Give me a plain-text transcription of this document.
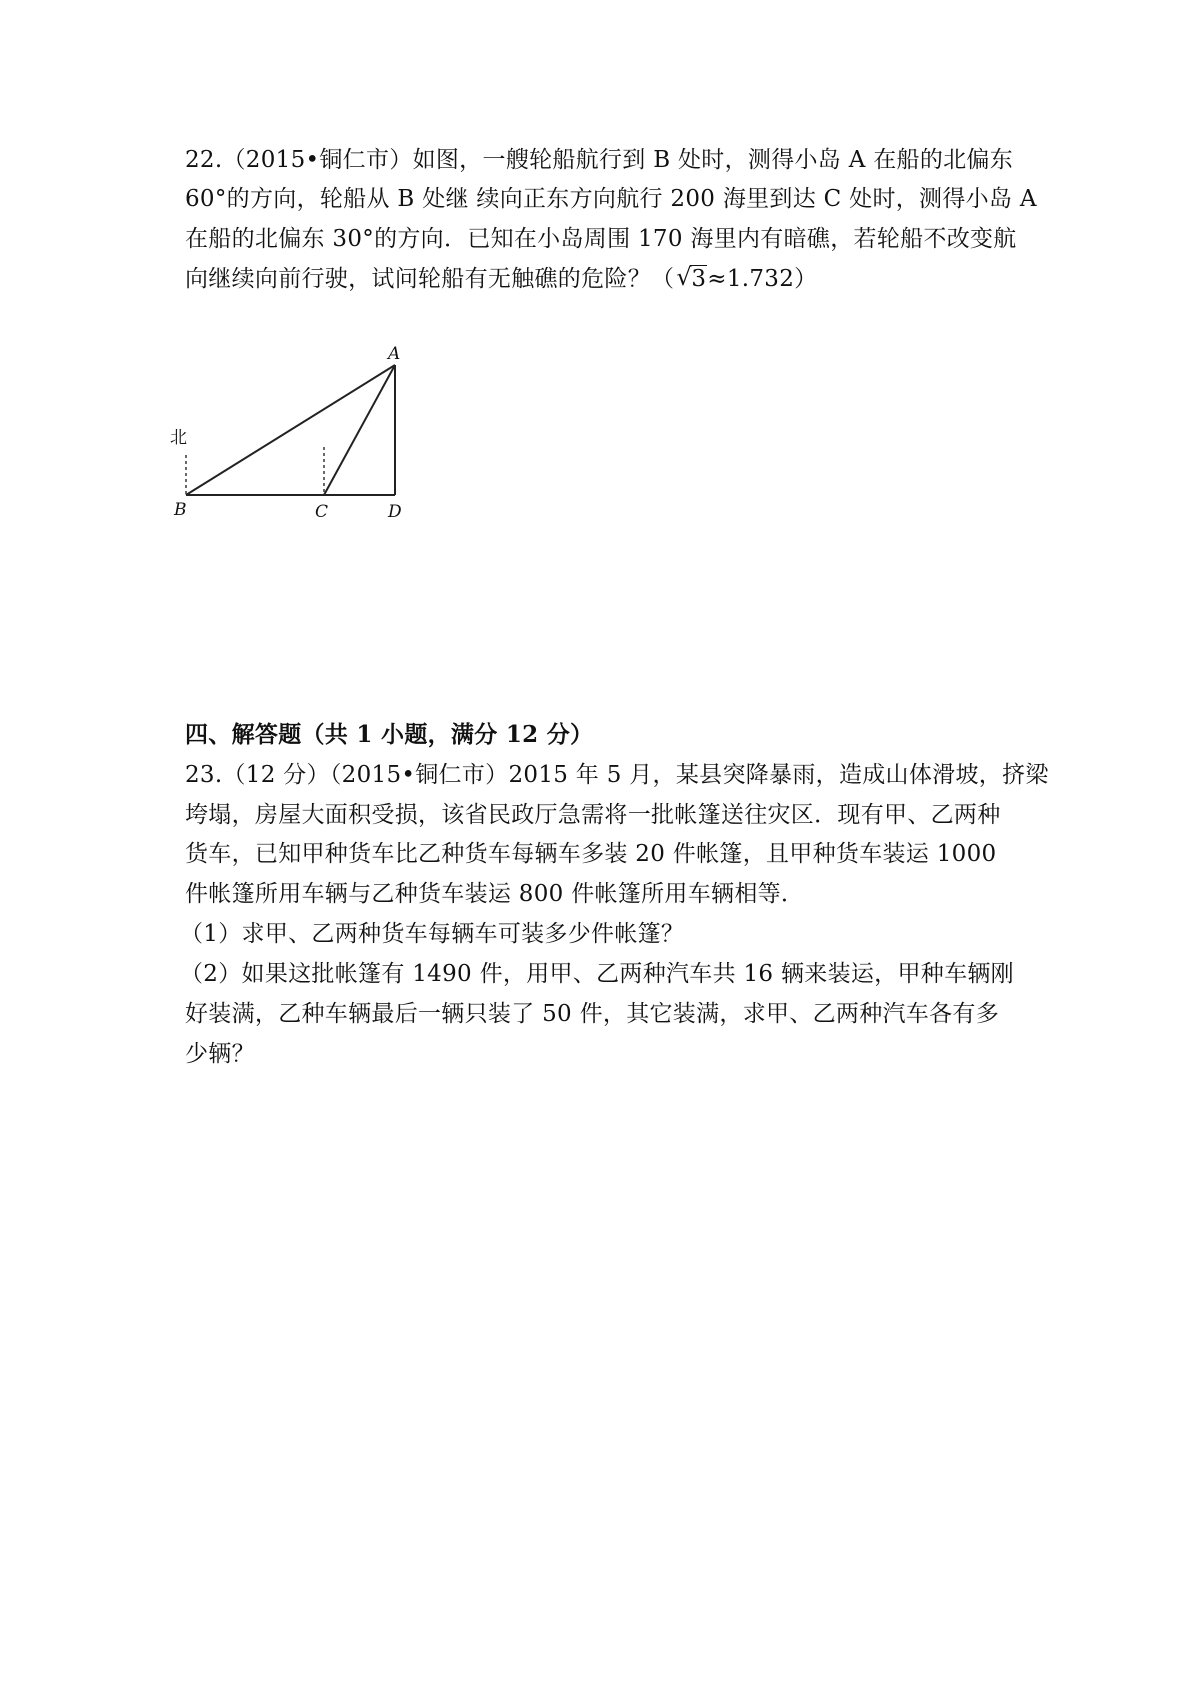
22.（2015•铜仁市）如图，一艘轮船航行到 B 处时，测得小岛 A 在船的北偏东
60°的方向，轮船从 B 处继 续向正东方向航行 200 海里到达 C 处时，测得小岛 A
在船的北偏东 30°的方向．已知在小岛周围 170 海里内有暗礁，若轮船不改变航
向继续向前行驶，试问轮船有无触礁的危险？（ √ 3≈1.732）
A
B	C	D
北
四、解答题（共 1 小题，满分 12 分）
23.（12 分）（2015•铜仁市）2015 年 5 月，某县突降暴雨，造成山体滑坡，挤梁
垮塌，房屋大面积受损，该省民政厅急需将一批帐篷送往灾区．现有甲、乙两种
货车，已知甲种货车比乙种货车每辆车多装 20 件帐篷，且甲种货车装运 1000
件帐篷所用车辆与乙种货车装运 800 件帐篷所用车辆相等．
（1）求甲、乙两种货车每辆车可装多少件帐篷？
（2）如果这批帐篷有 1490 件，用甲、乙两种汽车共 16 辆来装运，甲种车辆刚
好装满，乙种车辆最后一辆只装了 50 件，其它装满，求甲、乙两种汽车各有多
少辆？
